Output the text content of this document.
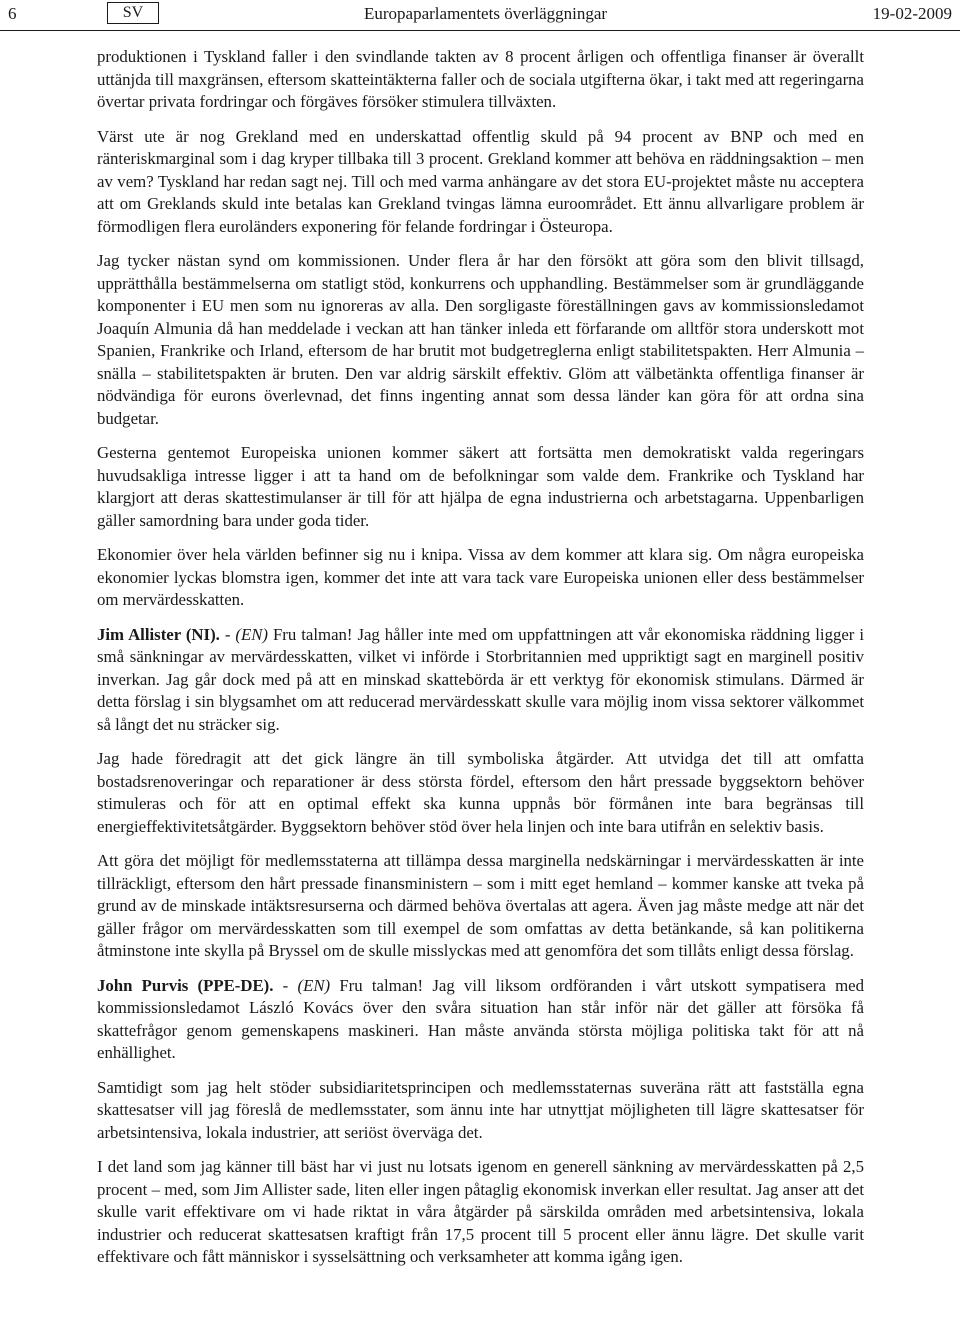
6	SV	Europaparlamentets överläggningar	19-02-2009

produktionen i Tyskland faller i den svindlande takten av 8 procent årligen och offentliga finanser är överallt uttänjda till maxgränsen, eftersom skatteintäkterna faller och de sociala utgifterna ökar, i takt med att regeringarna övertar privata fordringar och förgäves försöker stimulera tillväxten.

Värst ute är nog Grekland med en underskattad offentlig skuld på 94 procent av BNP och med en ränteriskmarginal som i dag kryper tillbaka till 3 procent. Grekland kommer att behöva en räddningsaktion – men av vem? Tyskland har redan sagt nej. Till och med varma anhängare av det stora EU-projektet måste nu acceptera att om Greklands skuld inte betalas kan Grekland tvingas lämna euroområdet. Ett ännu allvarligare problem är förmodligen flera euroländers exponering för felande fordringar i Östeuropa.

Jag tycker nästan synd om kommissionen. Under flera år har den försökt att göra som den blivit tillsagd, upprätthålla bestämmelserna om statligt stöd, konkurrens och upphandling. Bestämmelser som är grundläggande komponenter i EU men som nu ignoreras av alla. Den sorgligaste föreställningen gavs av kommissionsledamot Joaquín Almunia då han meddelade i veckan att han tänker inleda ett förfarande om alltför stora underskott mot Spanien, Frankrike och Irland, eftersom de har brutit mot budgetreglerna enligt stabilitetspakten. Herr Almunia – snälla – stabilitetspakten är bruten. Den var aldrig särskilt effektiv. Glöm att välbetänkta offentliga finanser är nödvändiga för eurons överlevnad, det finns ingenting annat som dessa länder kan göra för att ordna sina budgetar.

Gesterna gentemot Europeiska unionen kommer säkert att fortsätta men demokratiskt valda regeringars huvudsakliga intresse ligger i att ta hand om de befolkningar som valde dem. Frankrike och Tyskland har klargjort att deras skattestimulanser är till för att hjälpa de egna industrierna och arbetstagarna. Uppenbarligen gäller samordning bara under goda tider.

Ekonomier över hela världen befinner sig nu i knipa. Vissa av dem kommer att klara sig. Om några europeiska ekonomier lyckas blomstra igen, kommer det inte att vara tack vare Europeiska unionen eller dess bestämmelser om mervärdesskatten.

Jim Allister (NI). - (EN) Fru talman! Jag håller inte med om uppfattningen att vår ekonomiska räddning ligger i små sänkningar av mervärdesskatten, vilket vi införde i Storbritannien med uppriktigt sagt en marginell positiv inverkan. Jag går dock med på att en minskad skattebörda är ett verktyg för ekonomisk stimulans. Därmed är detta förslag i sin blygsamhet om att reducerad mervärdesskatt skulle vara möjlig inom vissa sektorer välkommet så långt det nu sträcker sig.

Jag hade föredragit att det gick längre än till symboliska åtgärder. Att utvidga det till att omfatta bostadsrenoveringar och reparationer är dess största fördel, eftersom den hårt pressade byggsektorn behöver stimuleras och för att en optimal effekt ska kunna uppnås bör förmånen inte bara begränsas till energieffektivitetsåtgärder. Byggsektorn behöver stöd över hela linjen och inte bara utifrån en selektiv basis.

Att göra det möjligt för medlemsstaterna att tillämpa dessa marginella nedskärningar i mervärdesskatten är inte tillräckligt, eftersom den hårt pressade finansministern – som i mitt eget hemland – kommer kanske att tveka på grund av de minskade intäktsresurserna och därmed behöva övertalas att agera. Även jag måste medge att när det gäller frågor om mervärdesskatten som till exempel de som omfattas av detta betänkande, så kan politikerna åtminstone inte skylla på Bryssel om de skulle misslyckas med att genomföra det som tillåts enligt dessa förslag.

John Purvis (PPE-DE). - (EN) Fru talman! Jag vill liksom ordföranden i vårt utskott sympatisera med kommissionsledamot László Kovács över den svåra situation han står inför när det gäller att försöka få skattefrågor genom gemenskapens maskineri. Han måste använda största möjliga politiska takt för att nå enhällighet.

Samtidigt som jag helt stöder subsidiaritetsprincipen och medlemsstaternas suveräna rätt att fastställa egna skattesatser vill jag föreslå de medlemsstater, som ännu inte har utnyttjat möjligheten till lägre skattesatser för arbetsintensiva, lokala industrier, att seriöst överväga det.

I det land som jag känner till bäst har vi just nu lotsats igenom en generell sänkning av mervärdesskatten på 2,5 procent – med, som Jim Allister sade, liten eller ingen påtaglig ekonomisk inverkan eller resultat. Jag anser att det skulle varit effektivare om vi hade riktat in våra åtgärder på särskilda områden med arbetsintensiva, lokala industrier och reducerat skattesatsen kraftigt från 17,5 procent till 5 procent eller ännu lägre. Det skulle varit effektivare och fått människor i sysselsättning och verksamheter att komma igång igen.
